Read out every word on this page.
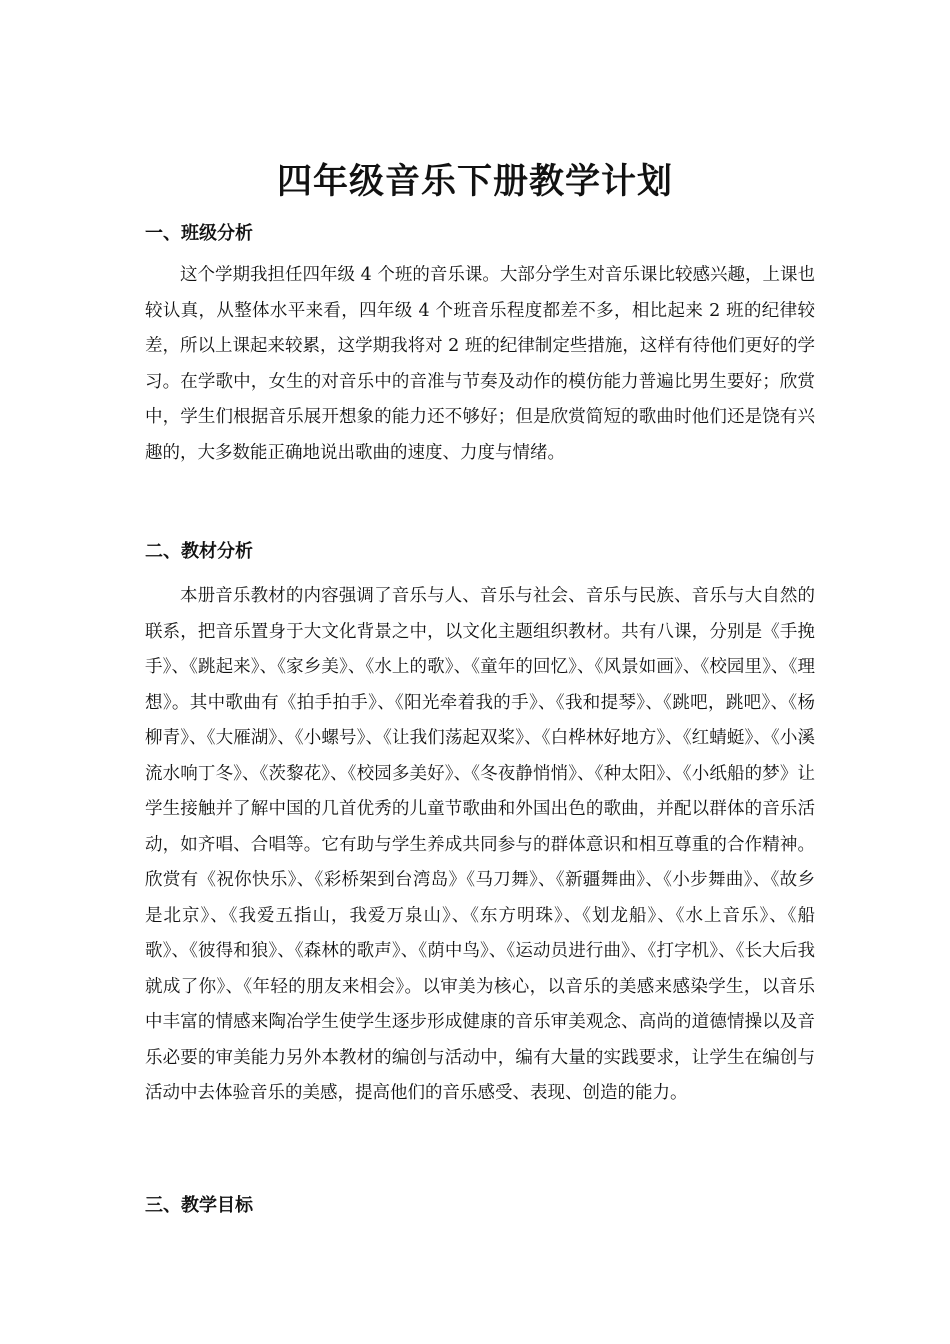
四年级音乐下册教学计划
一、班级分析

这个学期我担任四年级 4 个班的音乐课。大部分学生对音乐课比较感兴趣，上课也较认真，从整体水平来看，四年级 4 个班音乐程度都差不多，相比起来 2 班的纪律较差，所以上课起来较累，这学期我将对 2 班的纪律制定些措施，这样有待他们更好的学习。在学歌中，女生的对音乐中的音准与节奏及动作的模仿能力普遍比男生要好；欣赏中，学生们根据音乐展开想象的能力还不够好；但是欣赏简短的歌曲时他们还是饶有兴趣的，大多数能正确地说出歌曲的速度、力度与情绪。

二、教材分析

本册音乐教材的内容强调了音乐与人、音乐与社会、音乐与民族、音乐与大自然的联系，把音乐置身于大文化背景之中，以文化主题组织教材。共有八课，分别是《手挽手》、《跳起来》、《家乡美》、《水上的歌》、《童年的回忆》、《风景如画》、《校园里》、《理想》。其中歌曲有《拍手拍手》、《阳光牵着我的手》、《我和提琴》、《跳吧，跳吧》、《杨柳青》、《大雁湖》、《小螺号》、《让我们荡起双桨》、《白桦林好地方》、《红蜻蜓》、《小溪流水响丁冬》、《茨黎花》、《校园多美好》、《冬夜静悄悄》、《种太阳》、《小纸船的梦》让学生接触并了解中国的几首优秀的儿童节歌曲和外国出色的歌曲，并配以群体的音乐活动，如齐唱、合唱等。它有助与学生养成共同参与的群体意识和相互尊重的合作精神。欣赏有《祝你快乐》、《彩桥架到台湾岛》《马刀舞》、《新疆舞曲》、《小步舞曲》、《故乡是北京》、《我爱五指山，我爱万泉山》、《东方明珠》、《划龙船》、《水上音乐》、《船歌》、《彼得和狼》、《森林的歌声》、《荫中鸟》、《运动员进行曲》、《打字机》、《长大后我就成了你》、《年轻的朋友来相会》。以审美为核心，以音乐的美感来感染学生，以音乐中丰富的情感来陶冶学生使学生逐步形成健康的音乐审美观念、高尚的道德情操以及音乐必要的审美能力另外本教材的编创与活动中，编有大量的实践要求，让学生在编创与活动中去体验音乐的美感，提高他们的音乐感受、表现、创造的能力。

三、教学目标
